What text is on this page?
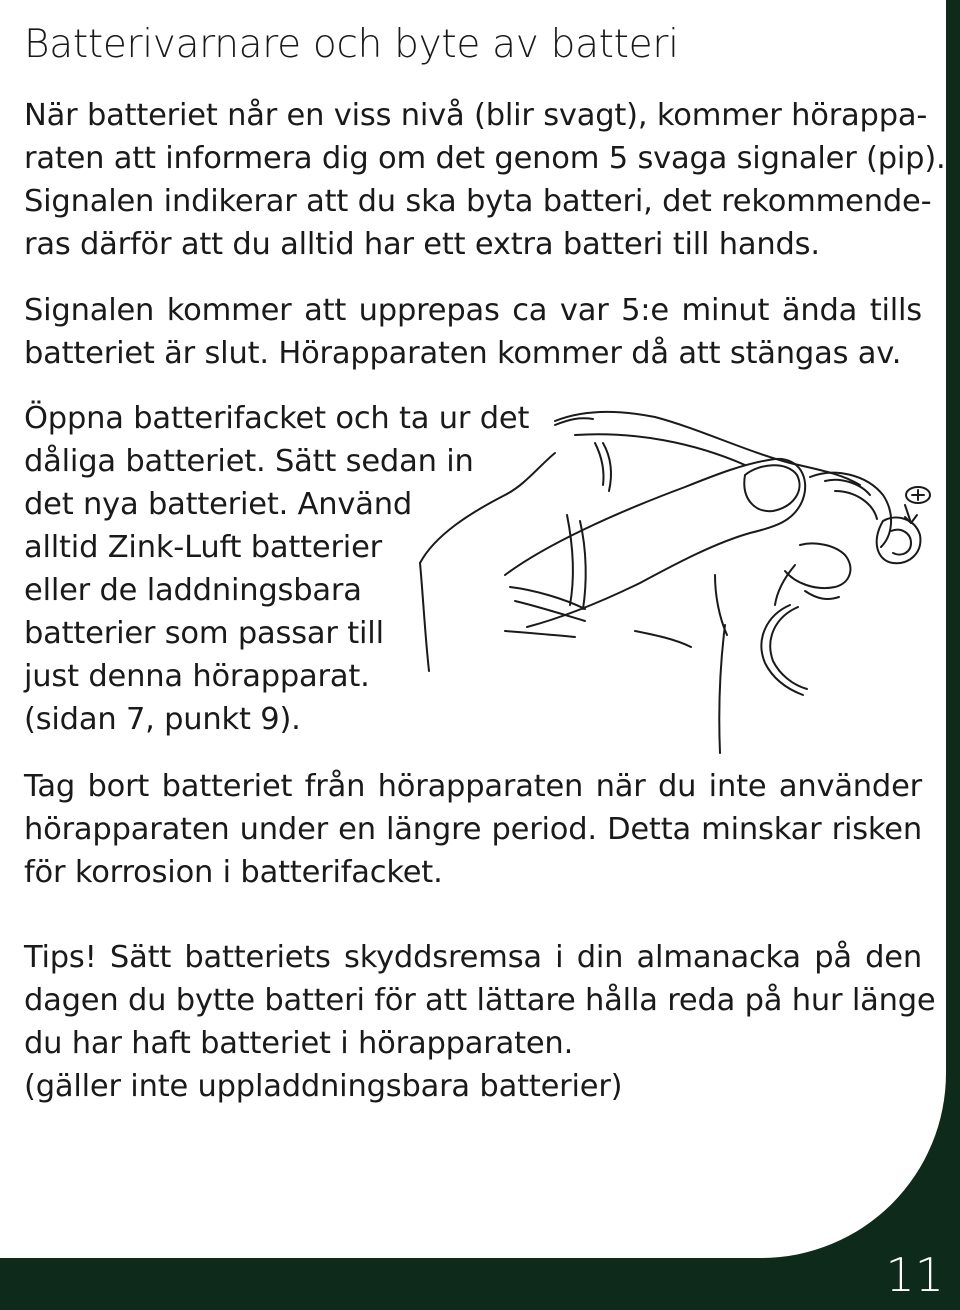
Batterivarnare och byte av batteri

När batteriet når en viss nivå (blir svagt), kommer hörappa-
raten att informera dig om det genom 5 svaga signaler (pip).
Signalen indikerar att du ska byta batteri, det rekommende-
ras därför att du alltid har ett extra batteri till hands.

Signalen kommer att upprepas ca var 5:e minut ända tills
batteriet är slut. Hörapparaten kommer då att stängas av.

Öppna batterifacket och ta ur det
dåliga batteriet. Sätt sedan in
det nya batteriet. Använd
alltid Zink-Luft batterier
eller de laddningsbara
batterier som passar till
just denna hörapparat.
(sidan 7, punkt 9).

Tag bort batteriet från hörapparaten när du inte använder
hörapparaten under en längre period. Detta minskar risken
för korrosion i batterifacket.

Tips! Sätt batteriets skyddsremsa i din almanacka på den
dagen du bytte batteri för att lättare hålla reda på hur länge
du har haft batteriet i hörapparaten.
(gäller inte uppladdningsbara batterier)

11
